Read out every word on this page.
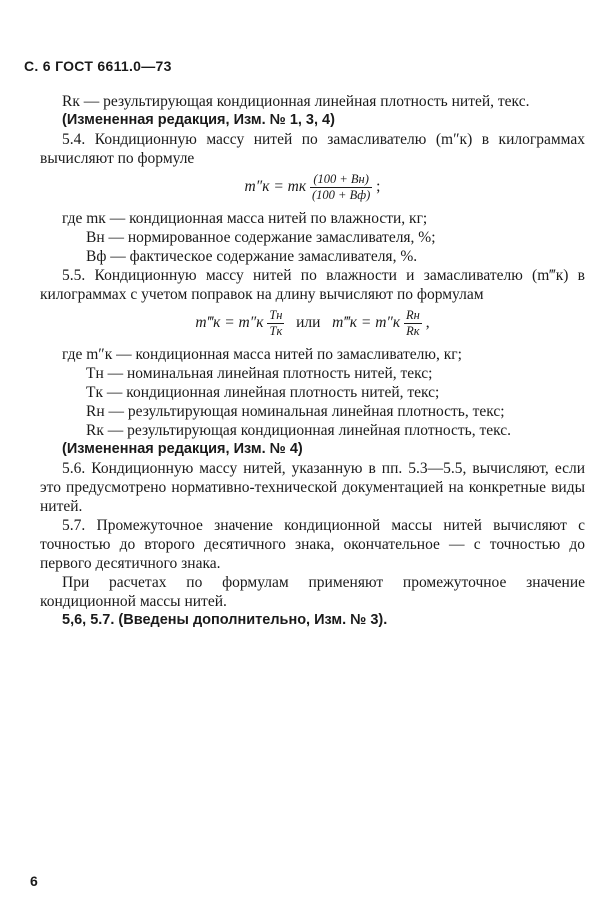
С. 6 ГОСТ 6611.0—73

Rк — результирующая кондиционная линейная плотность нитей, текс.

(Измененная редакция, Изм. № 1, 3, 4)

5.4. Кондиционную массу нитей по замасливателю (m″к) в килограммах вычисляют по формуле

m″к = mк $\frac{(100 + Bн)}{(100 + Bф)}$ ;

где mк — кондиционная масса нитей по влажности, кг;

Bн — нормированное содержание замасливателя, %;

Bф — фактическое содержание замасливателя, %.

5.5. Кондиционную массу нитей по влажности и замасливателю (m‴к) в килограммах с учетом поправок на длину вычисляют по формулам

m‴к = $m''к \frac{Tн}{Tк}$ или m‴к = $m''к \frac{Rн}{Rк}$ ,

где m″к — кондиционная масса нитей по замасливателю, кг;

Tн — номинальная линейная плотность нитей, текс;

Tк — кондиционная линейная плотность нитей, текс;

Rн — результирующая номинальная линейная плотность, текс;

Rк — результирующая кондиционная линейная плотность, текс.

(Измененная редакция, Изм. № 4)

5.6. Кондиционную массу нитей, указанную в пп. 5.3—5.5, вычисляют, если это предусмотрено нормативно-технической документацией на конкретные виды нитей.

5.7. Промежуточное значение кондиционной массы нитей вычисляют с точностью до второго десятичного знака, окончательное — с точностью до первого десятичного знака.

При расчетах по формулам применяют промежуточное значение кондиционной массы нитей.

5,6, 5.7. (Введены дополнительно, Изм. № 3).

6
